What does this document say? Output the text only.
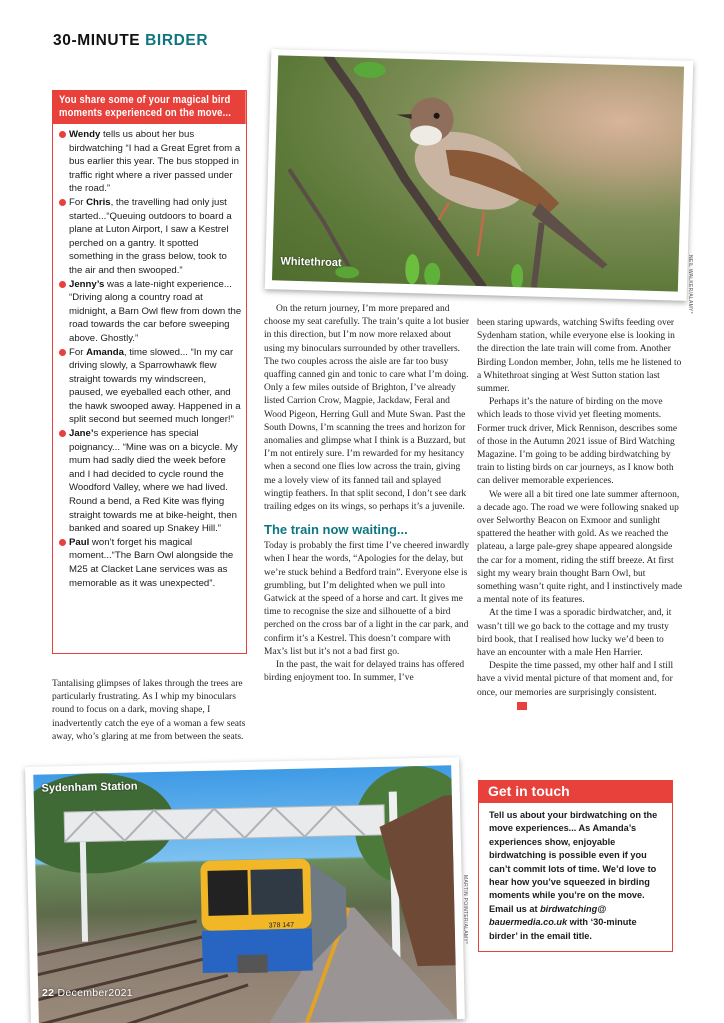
30-MINUTE BIRDER
Whitethroat	NEIL WALKER/ALAMY*
You share some of your magical bird moments experienced on the move...
Wendy tells us about her bus birdwatching “I had a Great Egret from a bus earlier this year. The bus stopped in traffic right where a river passed under the road.”
For Chris, the travelling had only just started...“Queuing outdoors to board a plane at Luton Airport, I saw a Kestrel perched on a gantry. It spotted something in the grass below, took to the air and then swooped.”
Jenny’s was a late-night experience... “Driving along a country road at midnight, a Barn Owl flew from down the road towards the car before sweeping above. Ghostly.”
For Amanda, time slowed... “In my car driving slowly, a Sparrowhawk flew straight towards my windscreen, paused, we eyeballed each other, and the hawk swooped away. Happened in a split second but seemed much longer!”
Jane’s experience has special poignancy... “Mine was on a bicycle. My mum had sadly died the week before and I had decided to cycle round the Woodford Valley, where we had lived. Round a bend, a Red Kite was flying straight towards me at bike-height, then banked and soared up Snakey Hill.”
Paul won’t forget his magical moment...“The Barn Owl alongside the M25 at Clacket Lane services was as memorable as it was unexpected”.

Tantalising glimpses of lakes through the trees are particularly frustrating. As I whip my binoculars round to focus on a dark, moving shape, I inadvertently catch the eye of a woman a few seats away, who’s glaring at me from between the seats.

On the return journey, I’m more prepared and choose my seat carefully. The train’s quite a lot busier in this direction, but I’m now more relaxed about using my binoculars surrounded by other travellers. The two couples across the aisle are far too busy quaffing canned gin and tonic to care what I’m doing. Only a few miles outside of Brighton, I’ve already listed Carrion Crow, Magpie, Jackdaw, Feral and Wood Pigeon, Herring Gull and Mute Swan. Past the South Downs, I’m scanning the trees and horizon for anomalies and glimpse what I think is a Buzzard, but I’m not entirely sure. I’m rewarded for my hesitancy when a second one flies low across the train, giving me a lovely view of its fanned tail and splayed wingtip feathers. In that split second, I don’t see dark trailing edges on its wings, so perhaps it’s a juvenile.

The train now waiting...

Today is probably the first time I’ve cheered inwardly when I hear the words, “Apologies for the delay, but we’re stuck behind a Bedford train”. Everyone else is grumbling, but I’m delighted when we pull into Gatwick at the speed of a horse and cart. It gives me time to recognise the size and silhouette of a bird perched on the cross bar of a light in the car park, and confirm it’s a Kestrel. This doesn’t compare with Max’s list but it’s not a bad first go.

In the past, the wait for delayed trains has offered birding enjoyment too. In summer, I’ve

been staring upwards, watching Swifts feeding over Sydenham station, while everyone else is looking in the direction the late train will come from. Another Birding London member, John, tells me he listened to a Whitethroat singing at West Sutton station last summer.

Perhaps it’s the nature of birding on the move which leads to those vivid yet fleeting moments. Former truck driver, Mick Rennison, describes some of those in the Autumn 2021 issue of Bird Watching Magazine. I’m going to be adding birdwatching by train to listing birds on car journeys, as I know both can deliver memorable experiences.

We were all a bit tired one late summer afternoon, a decade ago. The road we were following snaked up over Selworthy Beacon on Exmoor and sunlight spattered the heather with gold. As we reached the plateau, a large pale-grey shape appeared alongside the car for a moment, riding the stiff breeze. At first sight my weary brain thought Barn Owl, but something wasn’t quite right, and I instinctively made a mental note of its features.

At the time I was a sporadic birdwatcher, and, it wasn’t till we go back to the cottage and my trusty bird book, that I realised how lucky we’d been to have an encounter with a male Hen Harrier.

Despite the time passed, my other half and I still have a vivid mental picture of that moment and, for once, our memories are surprisingly consistent.BW

378 147
Sydenham Station
MARTIN POINTER/ALAMY*
Get in touch
Tell us about your birdwatching on the move experiences... As Amanda’s experiences show, enjoyable birdwatching is possible even if you can’t commit lots of time. We’d love to hear how you’ve squeezed in birding moments while you’re on the move. Email us at birdwatching@ bauermedia.co.uk with ‘30-minute birder’ in the email title.
22 December2021
